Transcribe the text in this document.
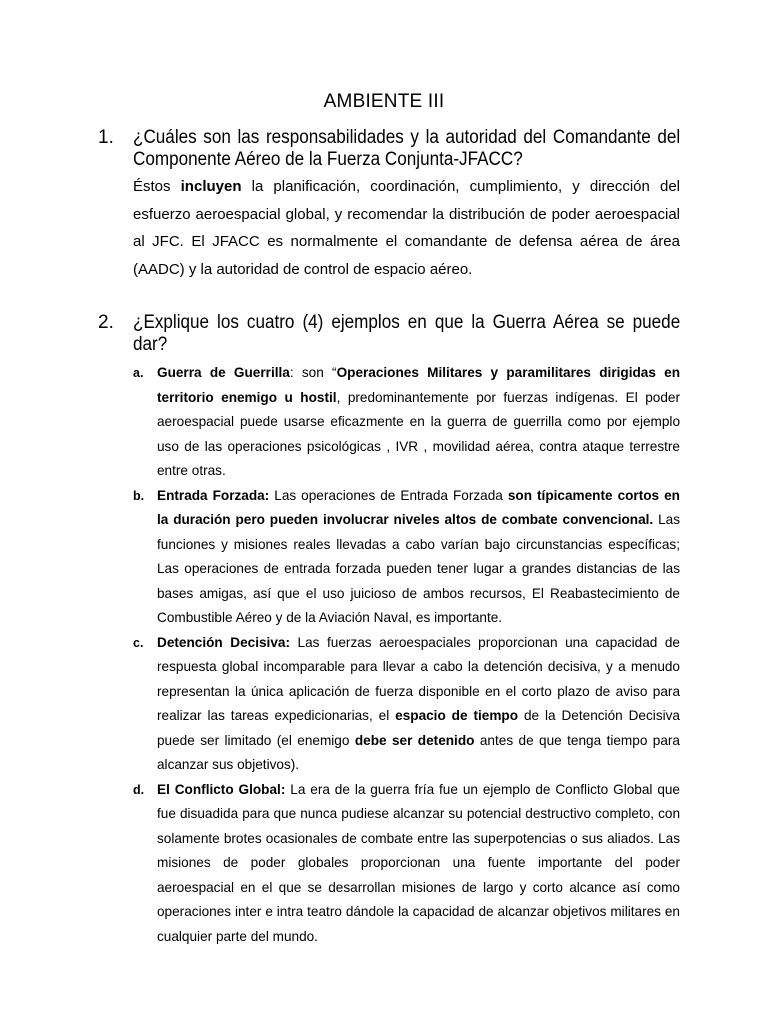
AMBIENTE III
1. ¿Cuáles son las responsabilidades y la autoridad del Comandante del Componente Aéreo de la Fuerza Conjunta-JFACC?
Éstos incluyen la planificación, coordinación, cumplimiento, y dirección del esfuerzo aeroespacial global, y recomendar la distribución de poder aeroespacial al JFC. El JFACC es normalmente el comandante de defensa aérea de área (AADC) y la autoridad de control de espacio aéreo.
2. ¿Explique los cuatro (4) ejemplos en que la Guerra Aérea se puede dar?
a. Guerra de Guerrilla: son “Operaciones Militares y paramilitares dirigidas en territorio enemigo u hostil, predominantemente por fuerzas indígenas. El poder aeroespacial puede usarse eficazmente en la guerra de guerrilla como por ejemplo uso de las operaciones psicológicas , IVR , movilidad aérea, contra ataque terrestre entre otras.
b. Entrada Forzada: Las operaciones de Entrada Forzada son típicamente cortos en la duración pero pueden involucrar niveles altos de combate convencional. Las funciones y misiones reales llevadas a cabo varían bajo circunstancias específicas; Las operaciones de entrada forzada pueden tener lugar a grandes distancias de las bases amigas, así que el uso juicioso de ambos recursos, El Reabastecimiento de Combustible Aéreo y de la Aviación Naval, es importante.
c. Detención Decisiva: Las fuerzas aeroespaciales proporcionan una capacidad de respuesta global incomparable para llevar a cabo la detención decisiva, y a menudo representan la única aplicación de fuerza disponible en el corto plazo de aviso para realizar las tareas expedicionarias, el espacio de tiempo de la Detención Decisiva puede ser limitado (el enemigo debe ser detenido antes de que tenga tiempo para alcanzar sus objetivos).
d. El Conflicto Global: La era de la guerra fría fue un ejemplo de Conflicto Global que fue disuadida para que nunca pudiese alcanzar su potencial destructivo completo, con solamente brotes ocasionales de combate entre las superpotencias o sus aliados. Las misiones de poder globales proporcionan una fuente importante del poder aeroespacial en el que se desarrollan misiones de largo y corto alcance así como operaciones inter e intra teatro dándole la capacidad de alcanzar objetivos militares en cualquier parte del mundo.
